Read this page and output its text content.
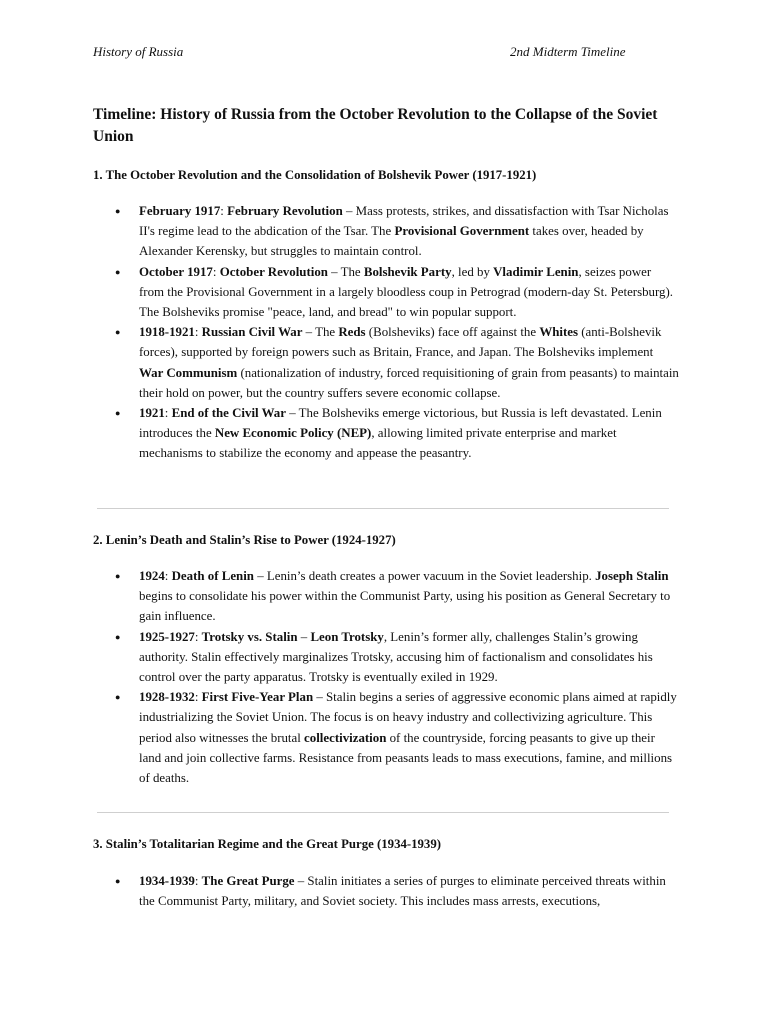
History of Russia	2nd Midterm Timeline
Timeline: History of Russia from the October Revolution to the Collapse of the Soviet Union
1. The October Revolution and the Consolidation of Bolshevik Power (1917-1921)
● February 1917: February Revolution – Mass protests, strikes, and dissatisfaction with Tsar Nicholas II's regime lead to the abdication of the Tsar. The Provisional Government takes over, headed by Alexander Kerensky, but struggles to maintain control.
● October 1917: October Revolution – The Bolshevik Party, led by Vladimir Lenin, seizes power from the Provisional Government in a largely bloodless coup in Petrograd (modern-day St. Petersburg). The Bolsheviks promise "peace, land, and bread" to win popular support.
● 1918-1921: Russian Civil War – The Reds (Bolsheviks) face off against the Whites (anti-Bolshevik forces), supported by foreign powers such as Britain, France, and Japan. The Bolsheviks implement War Communism (nationalization of industry, forced requisitioning of grain from peasants) to maintain their hold on power, but the country suffers severe economic collapse.
● 1921: End of the Civil War – The Bolsheviks emerge victorious, but Russia is left devastated. Lenin introduces the New Economic Policy (NEP), allowing limited private enterprise and market mechanisms to stabilize the economy and appease the peasantry.
2. Lenin’s Death and Stalin’s Rise to Power (1924-1927)
● 1924: Death of Lenin – Lenin’s death creates a power vacuum in the Soviet leadership. Joseph Stalin begins to consolidate his power within the Communist Party, using his position as General Secretary to gain influence.
● 1925-1927: Trotsky vs. Stalin – Leon Trotsky, Lenin’s former ally, challenges Stalin’s growing authority. Stalin effectively marginalizes Trotsky, accusing him of factionalism and consolidates his control over the party apparatus. Trotsky is eventually exiled in 1929.
● 1928-1932: First Five-Year Plan – Stalin begins a series of aggressive economic plans aimed at rapidly industrializing the Soviet Union. The focus is on heavy industry and collectivizing agriculture. This period also witnesses the brutal collectivization of the countryside, forcing peasants to give up their land and join collective farms. Resistance from peasants leads to mass executions, famine, and millions of deaths.
3. Stalin’s Totalitarian Regime and the Great Purge (1934-1939)
● 1934-1939: The Great Purge – Stalin initiates a series of purges to eliminate perceived threats within the Communist Party, military, and Soviet society. This includes mass arrests, executions,
